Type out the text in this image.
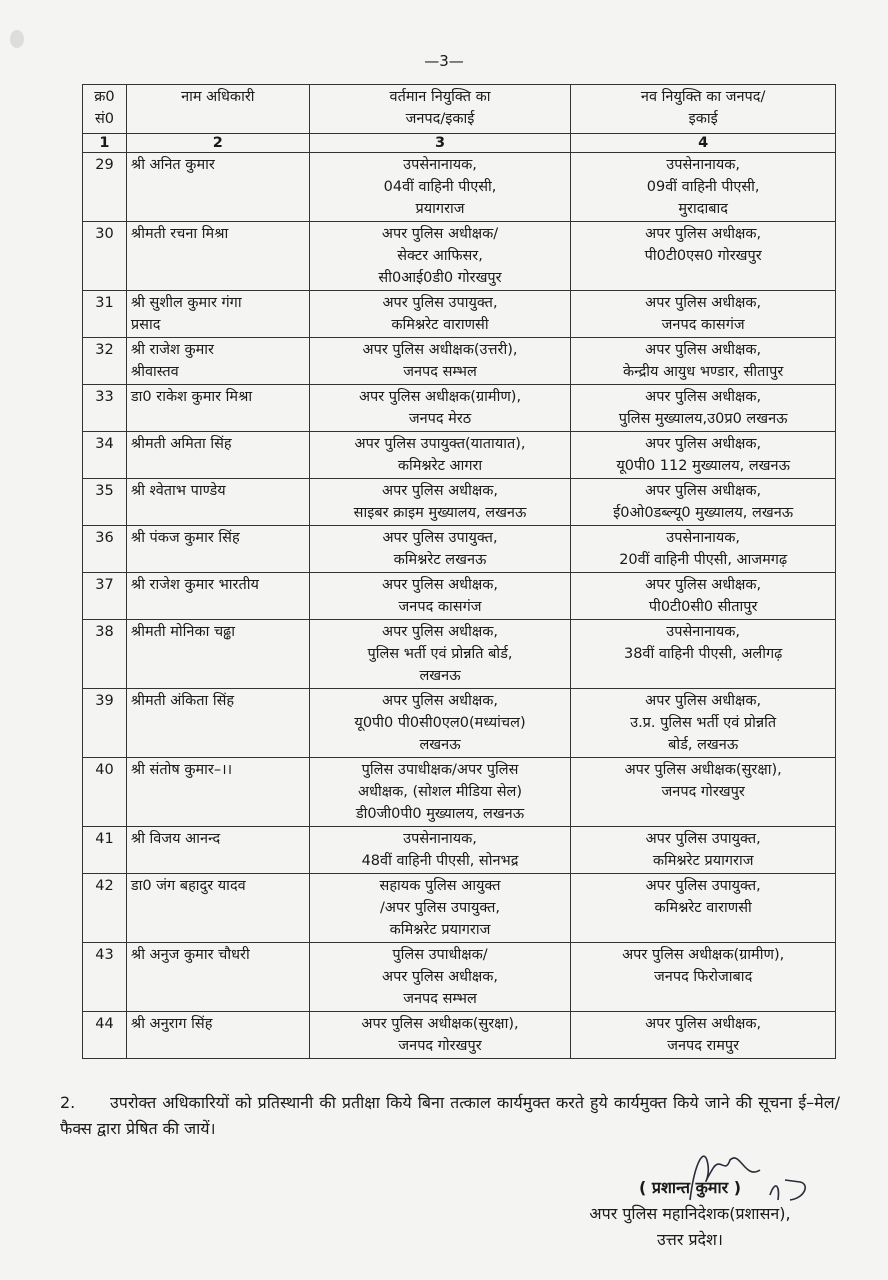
—3—
क्र0
सं0	नाम अधिकारी	वर्तमान नियुक्ति का
जनपद/इकाई	नव नियुक्ति का जनपद/
इकाई

1	2	3	4
29	श्री अनित कुमार	उपसेनानायक,
04वीं वाहिनी पीएसी,
प्रयागराज	उपसेनानायक,
09वीं वाहिनी पीएसी,
मुरादाबाद

30	श्रीमती रचना मिश्रा	अपर पुलिस अधीक्षक/
सेक्टर आफिसर,
सी0आई0डी0 गोरखपुर	अपर पुलिस अधीक्षक,
पी0टी0एस0 गोरखपुर

31	श्री सुशील कुमार गंगा
प्रसाद	अपर पुलिस उपायुक्त,
कमिश्नरेट वाराणसी	अपर पुलिस अधीक्षक,
जनपद कासगंज

32	श्री राजेश कुमार
श्रीवास्तव	अपर पुलिस अधीक्षक(उत्तरी),
जनपद सम्भल	अपर पुलिस अधीक्षक,
केन्द्रीय आयुध भण्डार, सीतापुर

33	डा0 राकेश कुमार मिश्रा	अपर पुलिस अधीक्षक(ग्रामीण),
जनपद मेरठ	अपर पुलिस अधीक्षक,
पुलिस मुख्यालय,उ0प्र0 लखनऊ

34	श्रीमती अमिता सिंह	अपर पुलिस उपायुक्त(यातायात),
कमिश्नरेट आगरा	अपर पुलिस अधीक्षक,
यू0पी0 112 मुख्यालय, लखनऊ

35	श्री श्वेताभ पाण्डेय	अपर पुलिस अधीक्षक,
साइबर क्राइम मुख्यालय, लखनऊ	अपर पुलिस अधीक्षक,
ई0ओ0डब्ल्यू0 मुख्यालय, लखनऊ

36	श्री पंकज कुमार सिंह	अपर पुलिस उपायुक्त,
कमिश्नरेट लखनऊ	उपसेनानायक,
20वीं वाहिनी पीएसी, आजमगढ़

37	श्री राजेश कुमार भारतीय	अपर पुलिस अधीक्षक,
जनपद कासगंज	अपर पुलिस अधीक्षक,
पी0टी0सी0 सीतापुर

38	श्रीमती मोनिका चढ्ढा	अपर पुलिस अधीक्षक,
पुलिस भर्ती एवं प्रोन्नति बोर्ड,
लखनऊ	उपसेनानायक,
38वीं वाहिनी पीएसी, अलीगढ़

39	श्रीमती अंकिता सिंह	अपर पुलिस अधीक्षक,
यू0पी0 पी0सी0एल0(मध्यांचल)
लखनऊ	अपर पुलिस अधीक्षक,
उ.प्र. पुलिस भर्ती एवं प्रोन्नति
बोर्ड, लखनऊ

40	श्री संतोष कुमार–।।	पुलिस उपाधीक्षक/अपर पुलिस
अधीक्षक, (सोशल मीडिया सेल)
डी0जी0पी0 मुख्यालय, लखनऊ	अपर पुलिस अधीक्षक(सुरक्षा),
जनपद गोरखपुर

41	श्री विजय आनन्द	उपसेनानायक,
48वीं वाहिनी पीएसी, सोनभद्र	अपर पुलिस उपायुक्त,
कमिश्नरेट प्रयागराज

42	डा0 जंग बहादुर यादव	सहायक पुलिस आयुक्त
/अपर पुलिस उपायुक्त,
कमिश्नरेट प्रयागराज	अपर पुलिस उपायुक्त,
कमिश्नरेट वाराणसी

43	श्री अनुज कुमार चौधरी	पुलिस उपाधीक्षक/
अपर पुलिस अधीक्षक,
जनपद सम्भल	अपर पुलिस अधीक्षक(ग्रामीण),
जनपद फिरोजाबाद

44	श्री अनुराग सिंह	अपर पुलिस अधीक्षक(सुरक्षा),
जनपद गोरखपुर	अपर पुलिस अधीक्षक,
जनपद रामपुर
2. उपरोक्त अधिकारियों को प्रतिस्थानी की प्रतीक्षा किये बिना तत्काल कार्यमुक्त करते हुये कार्यमुक्त किये जाने की सूचना ई–मेल/ फैक्स द्वारा प्रेषित की जायें।
( प्रशान्त कुमार )
अपर पुलिस महानिदेशक(प्रशासन),
उत्तर प्रदेश।
